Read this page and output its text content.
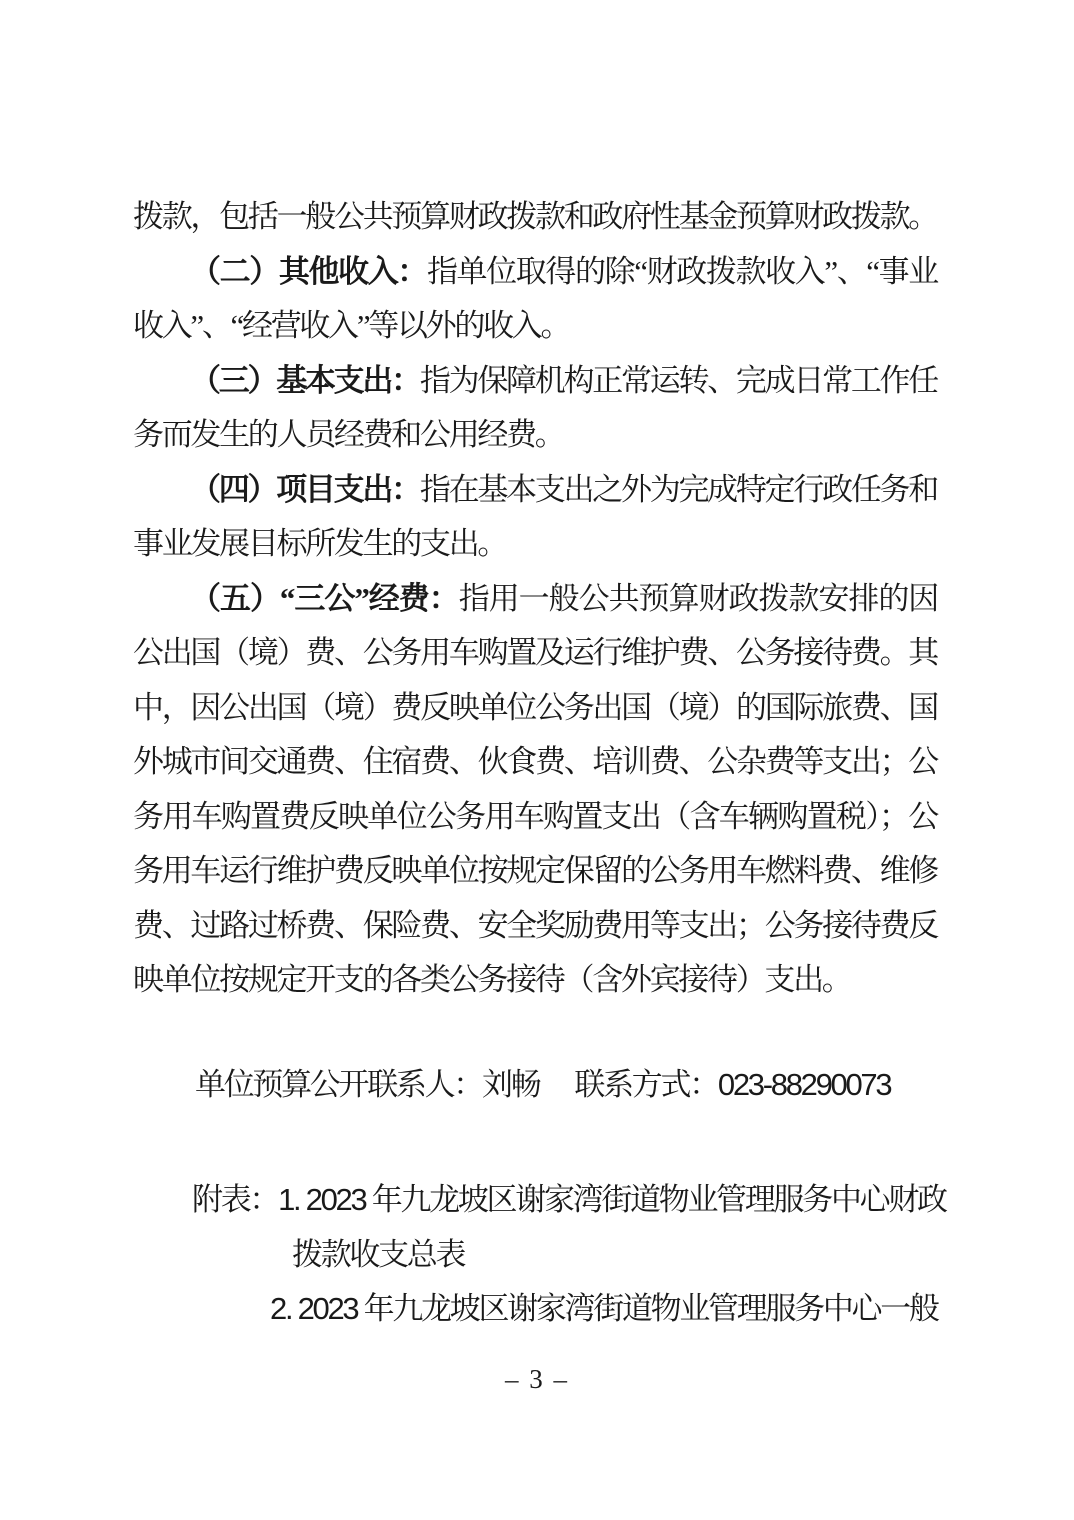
拨款，包括一般公共预算财政拨款和政府性基金预算财政拨款。
（二）其他收入：指单位取得的除“财政拨款收入”、“事业
收入”、“经营收入”等以外的收入。
（三）基本支出：指为保障机构正常运转、完成日常工作任
务而发生的人员经费和公用经费。
（四）项目支出：指在基本支出之外为完成特定行政任务和
事业发展目标所发生的支出。
（五）“三公”经费：指用一般公共预算财政拨款安排的因
公出国（境）费、公务用车购置及运行维护费、公务接待费。其
中，因公出国（境）费反映单位公务出国（境）的国际旅费、国
外城市间交通费、住宿费、伙食费、培训费、公杂费等支出；公
务用车购置费反映单位公务用车购置支出（含车辆购置税）；公
务用车运行维护费反映单位按规定保留的公务用车燃料费、维修
费、过路过桥费、保险费、安全奖励费用等支出；公务接待费反
映单位按规定开支的各类公务接待（含外宾接待）支出。
单位预算公开联系人：刘畅　 联系方式：023-88290073
附表：1. 2023 年九龙坡区谢家湾街道物业管理服务中心财政
拨款收支总表
2. 2023 年九龙坡区谢家湾街道物业管理服务中心一般
– 3 –
